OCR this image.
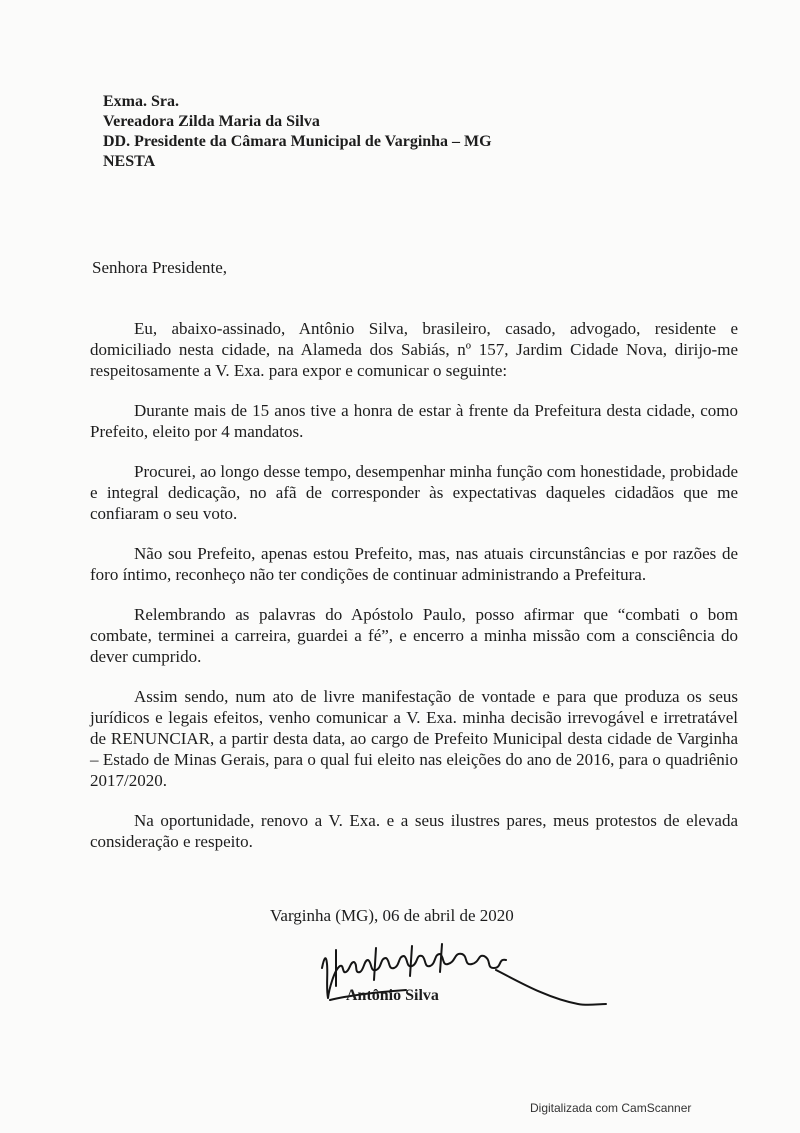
Exma. Sra.
Vereadora Zilda Maria da Silva
DD. Presidente da Câmara Municipal de Varginha – MG
NESTA
Senhora Presidente,

Eu, abaixo-assinado, Antônio Silva, brasileiro, casado, advogado, residente e domiciliado nesta cidade, na Alameda dos Sabiás, nº 157, Jardim Cidade Nova, dirijo-me respeitosamente a V. Exa. para expor e comunicar o seguinte:

Durante mais de 15 anos tive a honra de estar à frente da Prefeitura desta cidade, como Prefeito, eleito por 4 mandatos.

Procurei, ao longo desse tempo, desempenhar minha função com honestidade, probidade e integral dedicação, no afã de corresponder às expectativas daqueles cidadãos que me confiaram o seu voto.

Não sou Prefeito, apenas estou Prefeito, mas, nas atuais circunstâncias e por razões de foro íntimo, reconheço não ter condições de continuar administrando a Prefeitura.

Relembrando as palavras do Apóstolo Paulo, posso afirmar que “combati o bom combate, terminei a carreira, guardei a fé”, e encerro a minha missão com a consciência do dever cumprido.

Assim sendo, num ato de livre manifestação de vontade e para que produza os seus jurídicos e legais efeitos, venho comunicar a V. Exa. minha decisão irrevogável e irretratável de RENUNCIAR, a partir desta data, ao cargo de Prefeito Municipal desta cidade de Varginha – Estado de Minas Gerais, para o qual fui eleito nas eleições do ano de 2016, para o quadriênio 2017/2020.

Na oportunidade, renovo a V. Exa. e a seus ilustres pares, meus protestos de elevada consideração e respeito.

Varginha (MG), 06 de abril de 2020
Antônio Silva
Digitalizada com CamScanner
